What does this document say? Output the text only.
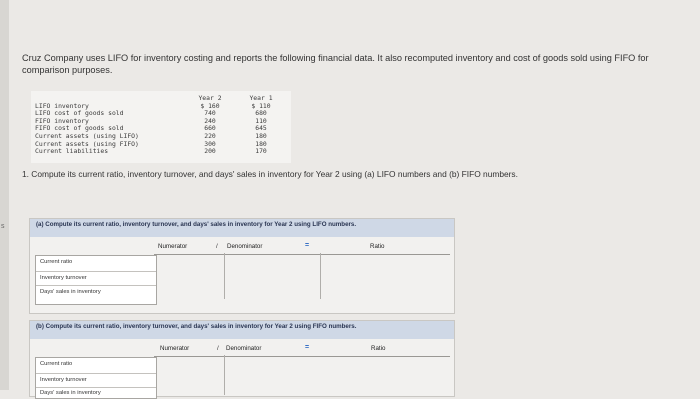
s
Cruz Company uses LIFO for inventory costing and reports the following financial data. It also recomputed inventory and cost of goods sold using FIFO for comparison purposes.
	Year 2	Year 1
LIFO inventory	$ 160	$ 110
LIFO cost of goods sold	740	680
FIFO inventory	240	110
FIFO cost of goods sold	660	645
Current assets (using LIFO)	220	180
Current assets (using FIFO)	300	180
Current liabilities	200	170
1. Compute its current ratio, inventory turnover, and days' sales in inventory for Year 2 using (a) LIFO numbers and (b) FIFO numbers.
(a) Compute its current ratio, inventory turnover, and days' sales in inventory for Year 2 using LIFO numbers.
Numerator	/ Denominator	=	Ratio
Current ratio
Inventory turnover
Days' sales in inventory
(b) Compute its current ratio, inventory turnover, and days' sales in inventory for Year 2 using FIFO numbers.
Numerator	/ Denominator	=	Ratio
Current ratio
Inventory turnover
Days' sales in inventory
